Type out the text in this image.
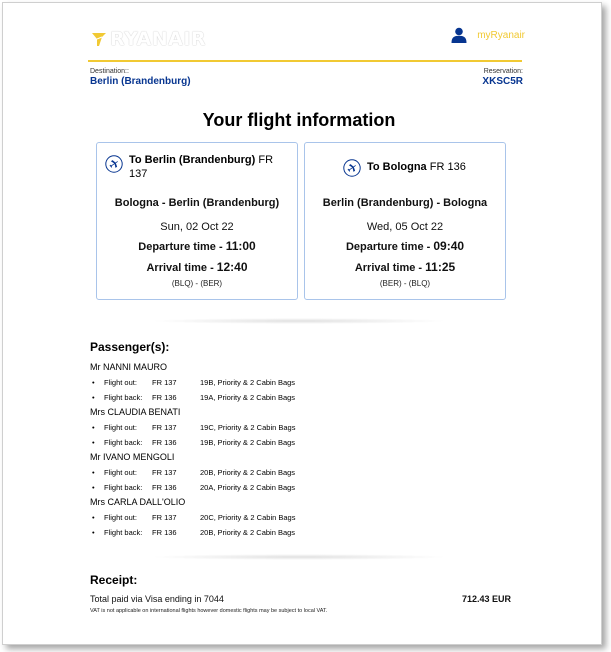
RYANAIR	myRyanair
Destination::
Berlin (Brandenburg)
Reservation:
XKSC5R
Your flight information
To Berlin (Brandenburg) FR 137
Bologna - Berlin (Brandenburg)
Sun, 02 Oct 22
Departure time - 11:00
Arrival time - 12:40
(BLQ) - (BER)
To Bologna FR 136
Berlin (Brandenburg) - Bologna
Wed, 05 Oct 22
Departure time - 09:40
Arrival time - 11:25
(BER) - (BLQ)
Passenger(s):
Mr NANNI MAURO
•	Flight out:	FR 137	19B, Priority & 2 Cabin Bags
•	Flight back:	FR 136	19A, Priority & 2 Cabin Bags
Mrs CLAUDIA BENATI
•	Flight out:	FR 137	19C, Priority & 2 Cabin Bags
•	Flight back:	FR 136	19B, Priority & 2 Cabin Bags
Mr IVANO MENGOLI
•	Flight out:	FR 137	20B, Priority & 2 Cabin Bags
•	Flight back:	FR 136	20A, Priority & 2 Cabin Bags
Mrs CARLA DALL'OLIO
•	Flight out:	FR 137	20C, Priority & 2 Cabin Bags
•	Flight back:	FR 136	20B, Priority & 2 Cabin Bags
Receipt:
Total paid via Visa ending in 7044	712.43 EUR
VAT is not applicable on international flights however domestic flights may be subject to local VAT.
